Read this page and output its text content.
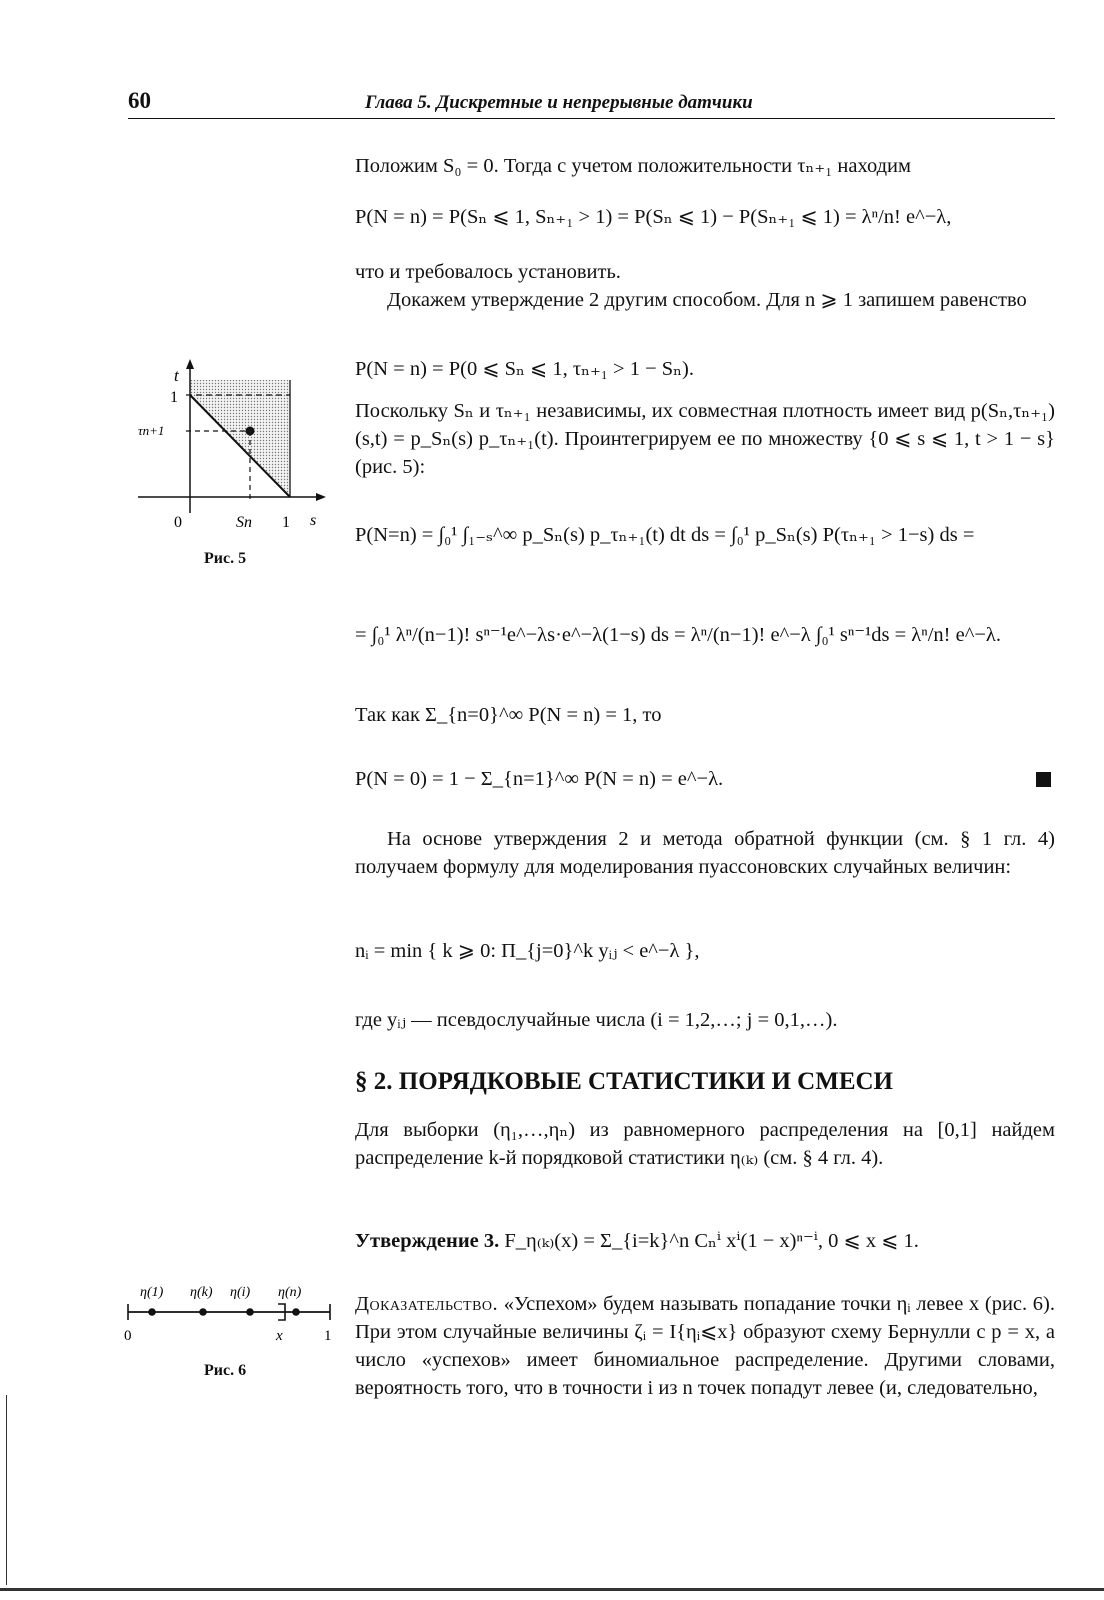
60	Глава 5. Дискретные и непрерывные датчики
Положим S₀ = 0. Тогда с учетом положительности τₙ₊₁ находим
P(N = n) = P(Sₙ ⩽ 1, Sₙ₊₁ > 1) = P(Sₙ ⩽ 1) − P(Sₙ₊₁ ⩽ 1) = λⁿ/n! e^−λ,
что и требовалось установить.
Докажем утверждение 2 другим способом. Для n ⩾ 1 запишем равенство
P(N = n) = P(0 ⩽ Sₙ ⩽ 1, τₙ₊₁ > 1 − Sₙ).
Поскольку Sₙ и τₙ₊₁ независимы, их совместная плотность имеет вид p(Sₙ,τₙ₊₁)(s,t) = p_Sₙ(s) p_τₙ₊₁(t). Проинтегрируем ее по множеству {0 ⩽ s ⩽ 1, t > 1 − s} (рис. 5):
P(N=n) = ∫₀¹ ∫₁₋ₛ^∞ p_Sₙ(s) p_τₙ₊₁(t) dt ds = ∫₀¹ p_Sₙ(s) P(τₙ₊₁ > 1−s) ds =
= ∫₀¹ λⁿ/(n−1)! sⁿ⁻¹e^−λs·e^−λ(1−s) ds = λⁿ/(n−1)! e^−λ ∫₀¹ sⁿ⁻¹ds = λⁿ/n! e^−λ.
Так как Σ_{n=0}^∞ P(N = n) = 1, то
P(N = 0) = 1 − Σ_{n=1}^∞ P(N = n) = e^−λ.
На основе утверждения 2 и метода обратной функции (см. § 1 гл. 4) получаем формулу для моделирования пуассоновских случайных величин:
nᵢ = min { k ⩾ 0: Π_{j=0}^k yᵢⱼ < e^−λ },
где yᵢⱼ — псевдослучайные числа (i = 1,2,…; j = 0,1,…).
§ 2. ПОРЯДКОВЫЕ СТАТИСТИКИ И СМЕСИ
Для выборки (η₁,…,ηₙ) из равномерного распределения на [0,1] найдем распределение k-й порядковой статистики η₍ₖ₎ (см. § 4 гл. 4).
Утверждение 3. F_η₍ₖ₎(x) = Σ_{i=k}^n Cₙⁱ xⁱ(1 − x)ⁿ⁻ⁱ, 0 ⩽ x ⩽ 1.
Доказательство. «Успехом» будем называть попадание точки ηᵢ левее x (рис. 6). При этом случайные величины ζᵢ = I{ηᵢ⩽x} образуют схему Бернулли с p = x, а число «успехов» имеет биномиальное распределение. Другими словами, вероятность того, что в точности i из n точек попадут левее (и, следовательно,
t
1
τn+1
0	Sn 1 s
Рис. 5
η(1) η(k) η(i) η(n)
0	x	1
Рис. 6
